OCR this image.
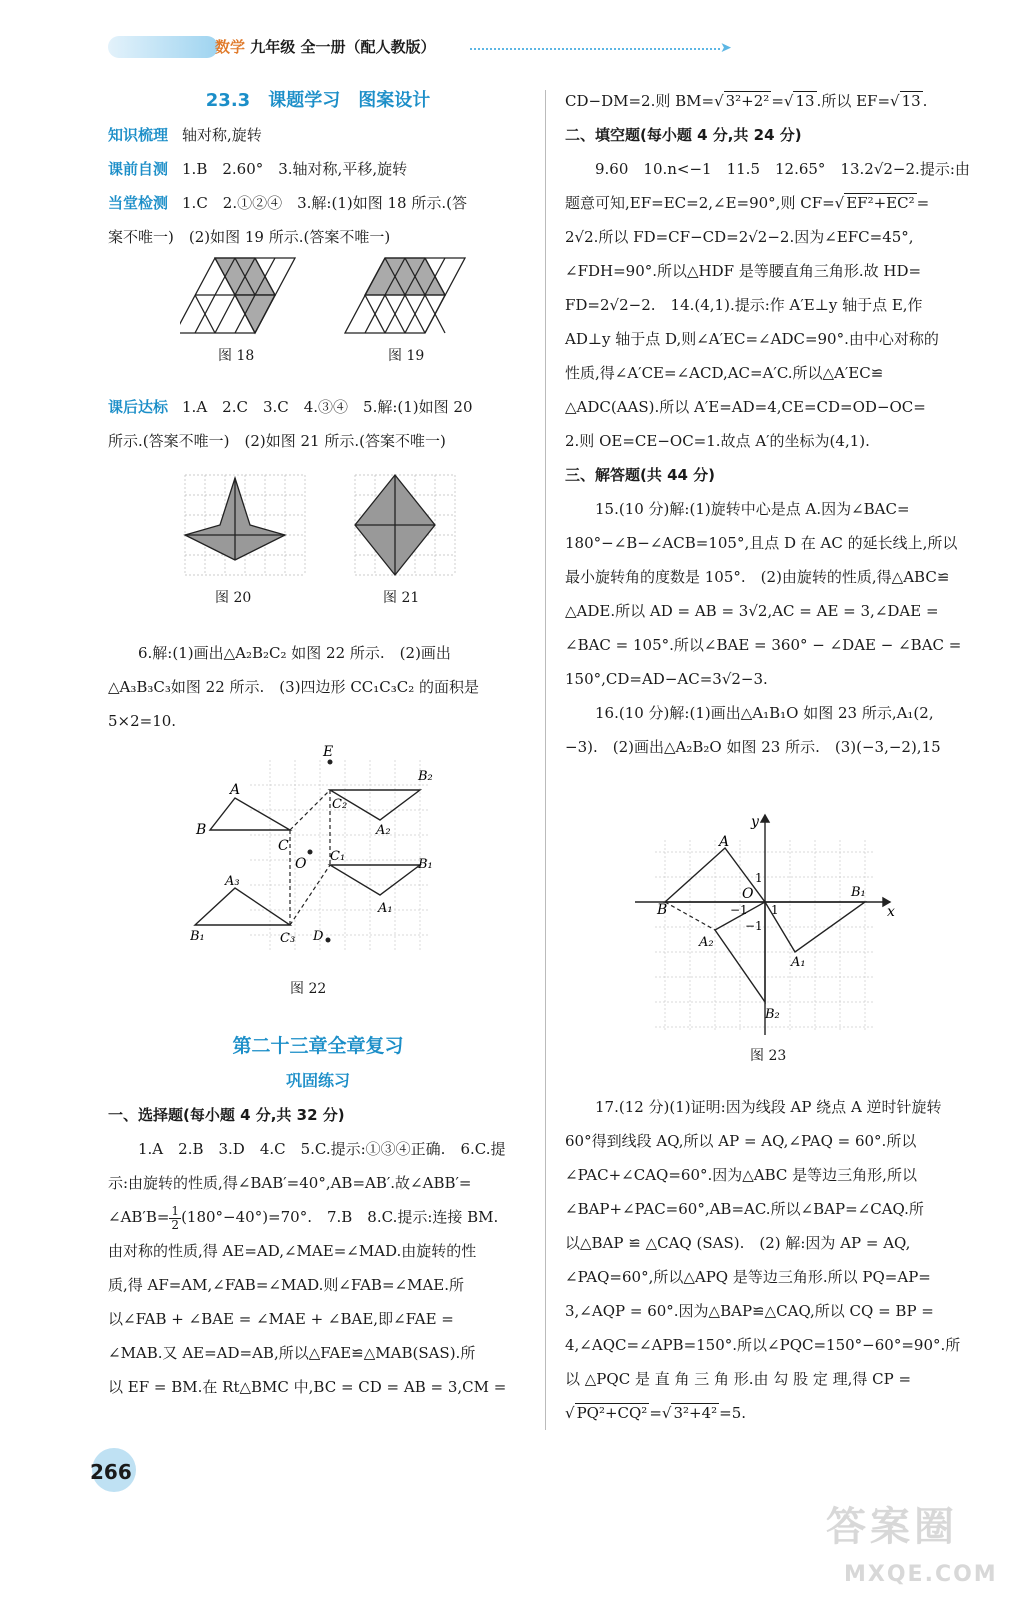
数学 九年级 全一册（配人教版）	➤

23.3　课题学习　图案设计

知识梳理 轴对称,旋转

课前自测 1.B　2.60°　3.轴对称,平移,旋转

当堂检测 1.C　2.①②④　3.解:(1)如图 18 所示.(答

案不唯一)　(2)如图 19 所示.(答案不唯一)

图 18	图 19

课后达标 1.A　2.C　3.C　4.③④　5.解:(1)如图 20

所示.(答案不唯一)　(2)如图 21 所示.(答案不唯一)

图 20	图 21

6.解:(1)画出△A₂B₂C₂ 如图 22 所示.　(2)画出

△A₃B₃C₃如图 22 所示.　(3)四边形 CC₁C₃C₂ 的面积是

5×2=10.

E
A
B
C
O
B₂
C₂
A₂
C₁
B₁
A₁
A₃
B₁	C₃ D
图 22

第二十三章全章复习

巩固练习

一、选择题(每小题 4 分,共 32 分)

1.A　2.B　3.D　4.C　5.C.提示:①③④正确.　6.C.提

示:由旋转的性质,得∠BAB′=40°,AB=AB′.故∠ABB′=

∠AB′B= $\frac{1}{2} (180^\circ-40^\circ)=70^\circ$.　7.B　8.C.提示:连接 BM.

由对称的性质,得 AE=AD,∠MAE=∠MAD.由旋转的性

质,得 AF=AM,∠FAB=∠MAD.则∠FAB=∠MAE.所

以∠FAB + ∠BAE = ∠MAE + ∠BAE,即∠FAE =

∠MAB.又 AE=AD=AB,所以△FAE≌△MAB(SAS).所

以 EF = BM.在 Rt△BMC 中,BC = CD = AB = 3,CM =

CD−DM=2.则 BM=√ 3²+2² =√ 13 .所以 EF=√ 13 .

二、填空题(每小题 4 分,共 24 分)

9.60　10.n<−1　11.5　12.65°　13.2√2−2.提示:由

题意可知,EF=EC=2,∠E=90°,则 CF=√ EF²+EC² =

2√2.所以 FD=CF−CD=2√2−2.因为∠EFC=45°,

∠FDH=90°.所以△HDF 是等腰直角三角形.故 HD=

FD=2√2−2.　14.(4,1).提示:作 A′E⊥y 轴于点 E,作

AD⊥y 轴于点 D,则∠A′EC=∠ADC=90°.由中心对称的

性质,得∠A′CE=∠ACD,AC=A′C.所以△A′EC≌

△ADC(AAS).所以 A′E=AD=4,CE=CD=OD−OC=

2.则 OE=CE−OC=1.故点 A′的坐标为(4,1).

三、解答题(共 44 分)

15.(10 分)解:(1)旋转中心是点 A.因为∠BAC=

180°−∠B−∠ACB=105°,且点 D 在 AC 的延长线上,所以

最小旋转角的度数是 105°.　(2)由旋转的性质,得△ABC≌

△ADE.所以 AD = AB = 3√2,AC = AE = 3,∠DAE =

∠BAC = 105°.所以∠BAE = 360° − ∠DAE − ∠BAC =

150°,CD=AD−AC=3√2−3.

16.(10 分)解:(1)画出△A₁B₁O 如图 23 所示,A₁(2,

−3).　(2)画出△A₂B₂O 如图 23 所示.　(3)(−3,−2),15

y
x
A
O
B
1
−1 1
−1
B₁
A₂
A₁
B₂
图 23

17.(12 分)(1)证明:因为线段 AP 绕点 A 逆时针旋转

60°得到线段 AQ,所以 AP = AQ,∠PAQ = 60°.所以

∠PAC+∠CAQ=60°.因为△ABC 是等边三角形,所以

∠BAP+∠PAC=60°,AB=AC.所以∠BAP=∠CAQ.所

以△BAP ≌ △CAQ (SAS).　(2) 解:因为 AP = AQ,

∠PAQ=60°,所以△APQ 是等边三角形.所以 PQ=AP=

3,∠AQP = 60°.因为△BAP≌△CAQ,所以 CQ = BP =

4,∠AQC=∠APB=150°.所以∠PQC=150°−60°=90°.所

以 △PQC 是 直 角 三 角 形.由 勾 股 定 理,得 CP =

√ PQ²+CQ² =√ 3²+4² =5.

266
答案圈
MXQE.COM
